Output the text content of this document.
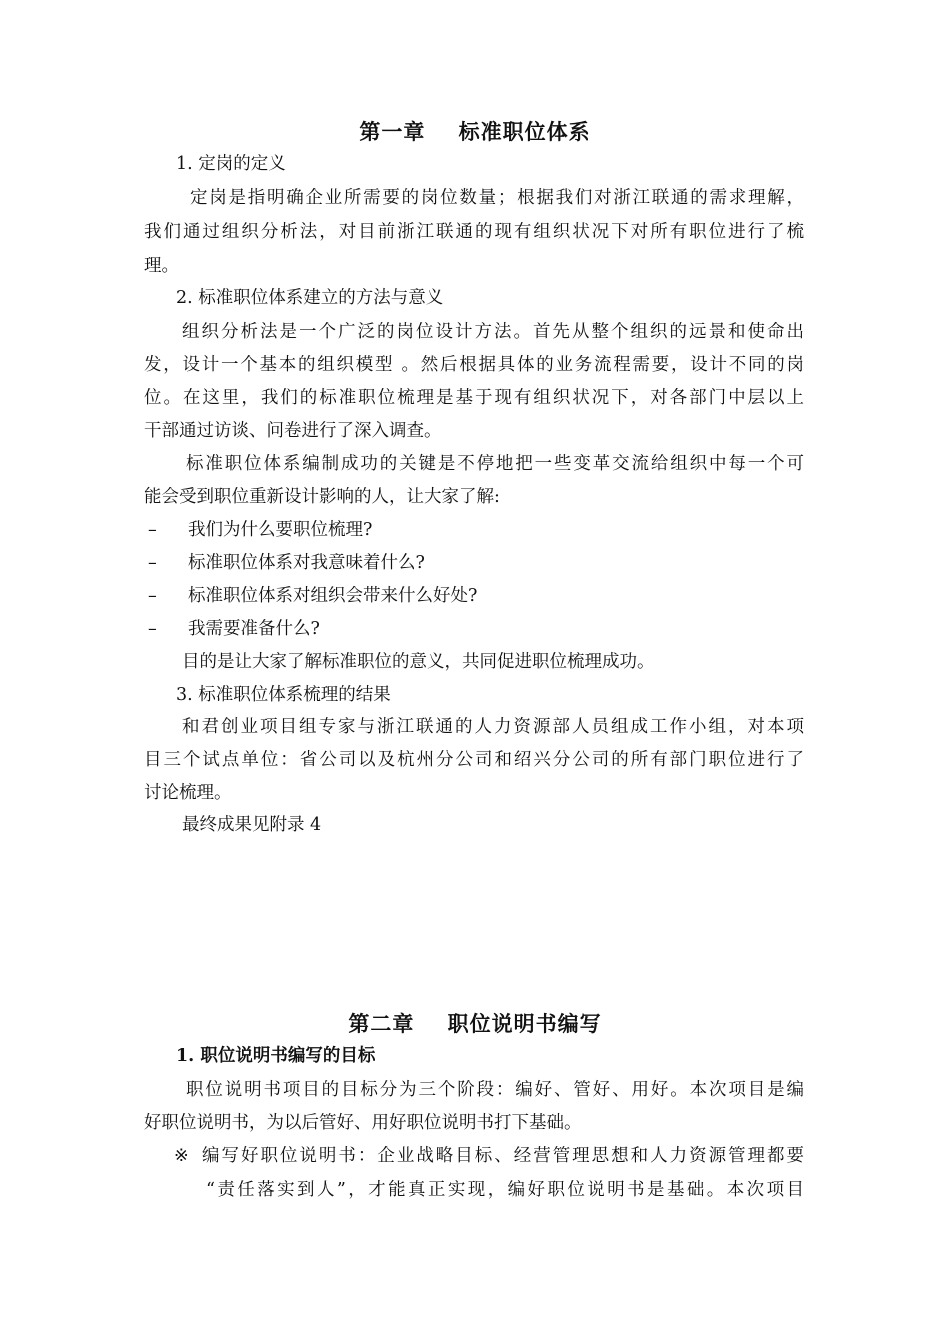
第一章    标准职位体系
1. 定岗的定义
定岗是指明确企业所需要的岗位数量；根据我们对浙江联通的需求理解，
我们通过组织分析法，对目前浙江联通的现有组织状况下对所有职位进行了梳
理。
2. 标准职位体系建立的方法与意义
组织分析法是一个广泛的岗位设计方法。首先从整个组织的远景和使命出
发，设计一个基本的组织模型 。然后根据具体的业务流程需要，设计不同的岗
位。在这里，我们的标准职位梳理是基于现有组织状况下，对各部门中层以上
干部通过访谈、问卷进行了深入调查。
标准职位体系编制成功的关键是不停地把一些变革交流给组织中每一个可
能会受到职位重新设计影响的人，让大家了解:
– 我们为什么要职位梳理?
– 标准职位体系对我意味着什么?
– 标准职位体系对组织会带来什么好处?
– 我需要准备什么?
目的是让大家了解标准职位的意义，共同促进职位梳理成功。
3. 标准职位体系梳理的结果
和君创业项目组专家与浙江联通的人力资源部人员组成工作小组，对本项
目三个试点单位：省公司以及杭州分公司和绍兴分公司的所有部门职位进行了
讨论梳理。
最终成果见附录 4
第二章    职位说明书编写
1. 职位说明书编写的目标
职位说明书项目的目标分为三个阶段：编好、管好、用好。本次项目是编
好职位说明书，为以后管好、用好职位说明书打下基础。
※ 编写好职位说明书：企业战略目标、经营管理思想和人力资源管理都要
“责任落实到人”，才能真正实现，编好职位说明书是基础。本次项目
